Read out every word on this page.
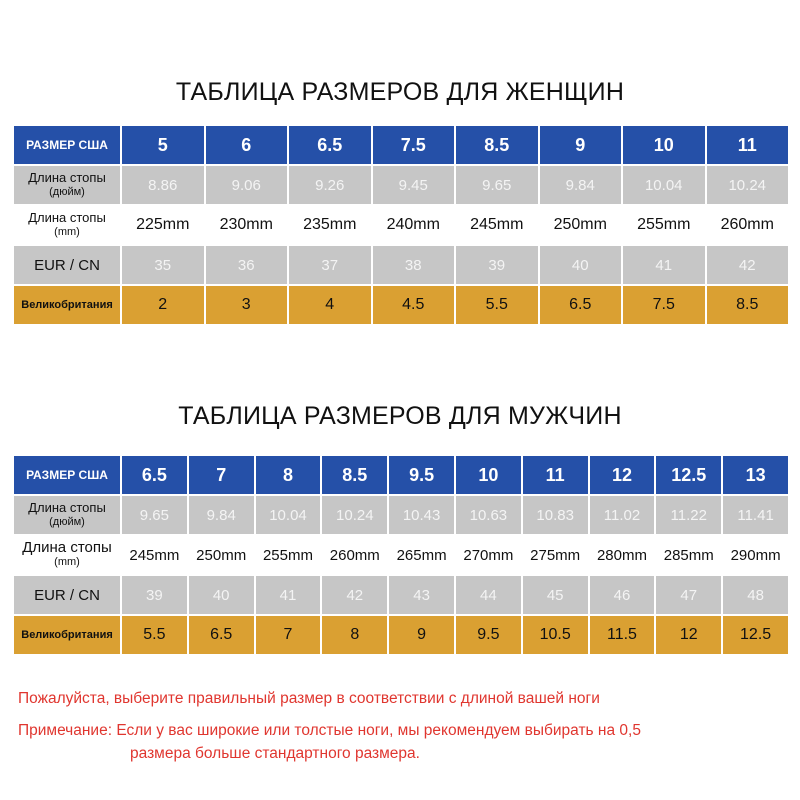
ТАБЛИЦА РАЗМЕРОВ ДЛЯ ЖЕНЩИН
РАЗМЕР США	5	6	6.5	7.5	8.5	9	10	11

Длина стопы
(дюйм)	8.86	9.06	9.26	9.45	9.65	9.84	10.04	10.24

Длина стопы
(mm)	225mm	230mm	235mm	240mm	245mm	250mm	255mm	260mm
EUR / CN	35	36	37	38	39	40	41	42
Великобритания	2	3	4	4.5	5.5	6.5	7.5	8.5
ТАБЛИЦА РАЗМЕРОВ ДЛЯ МУЖЧИН
РАЗМЕР США	6.5	7	8	8.5	9.5	10	11	12	12.5	13

Длина стопы
(дюйм)	9.65	9.84	10.04	10.24	10.43	10.63	10.83	11.02	11.22	11.41

Длина стопы
(mm)	245mm	250mm	255mm	260mm	265mm	270mm	275mm	280mm	285mm	290mm
EUR / CN	39	40	41	42	43	44	45	46	47	48
Великобритания	5.5	6.5	7	8	9	9.5	10.5	11.5	12	12.5
Пожалуйста, выберите правильный размер в соответствии с длиной вашей ноги
Примечание: Если у вас широкие или толстые ноги, мы рекомендуем выбирать на 0,5
размера больше стандартного размера.
